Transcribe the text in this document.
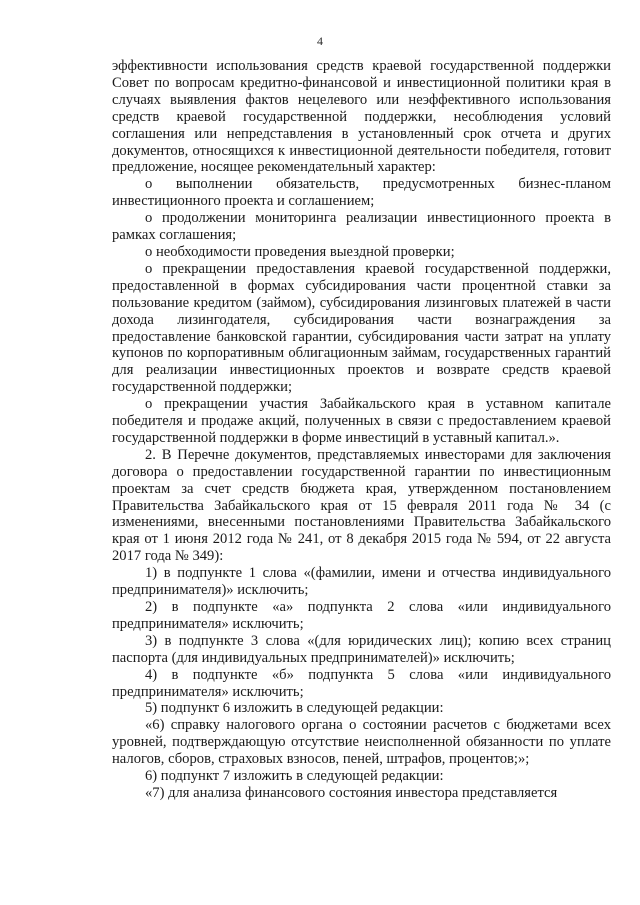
4

эффективности использования средств краевой государственной поддержки Совет по вопросам кредитно-финансовой и инвестиционной политики края в случаях выявления фактов нецелевого или неэффективного использования средств краевой государственной поддержки, несоблюдения условий соглашения или непредставления в установленный срок отчета и других документов, относящихся к инвестиционной деятельности победителя, готовит предложение, носящее рекомендательный характер:

о выполнении обязательств, предусмотренных бизнес-планом инвестиционного проекта и соглашением;

о продолжении мониторинга реализации инвестиционного проекта в рамках соглашения;

о необходимости проведения выездной проверки;

о прекращении предоставления краевой государственной поддержки, предоставленной в формах субсидирования части процентной ставки за пользование кредитом (займом), субсидирования лизинговых платежей в части дохода лизингодателя, субсидирования части вознаграждения за предоставление банковской гарантии, субсидирования части затрат на уплату купонов по корпоративным облигационным займам, государственных гарантий для реализации инвестиционных проектов и возврате средств краевой государственной поддержки;

о прекращении участия Забайкальского края в уставном капитале победителя и продаже акций, полученных в связи с предоставлением краевой государственной поддержки в форме инвестиций в уставный капитал.».

2. В Перечне документов, представляемых инвесторами для заключения договора о предоставлении государственной гарантии по инвестиционным проектам за счет средств бюджета края, утвержденном постановлением Правительства Забайкальского края от 15 февраля 2011 года № 34 (с изменениями, внесенными постановлениями Правительства Забайкальского края от 1 июня 2012 года № 241, от 8 декабря 2015 года № 594, от 22 августа 2017 года № 349):

1) в подпункте 1 слова «(фамилии, имени и отчества индивидуального предпринимателя)» исключить;

2) в подпункте «а» подпункта 2 слова «или индивидуального предпринимателя» исключить;

3) в подпункте 3 слова «(для юридических лиц); копию всех страниц паспорта (для индивидуальных предпринимателей)» исключить;

4) в подпункте «б» подпункта 5 слова «или индивидуального предпринимателя» исключить;

5) подпункт 6 изложить в следующей редакции:

«6) справку налогового органа о состоянии расчетов с бюджетами всех уровней, подтверждающую отсутствие неисполненной обязанности по уплате налогов, сборов, страховых взносов, пеней, штрафов, процентов;»;

6) подпункт 7 изложить в следующей редакции:

«7) для анализа финансового состояния инвестора представляется
